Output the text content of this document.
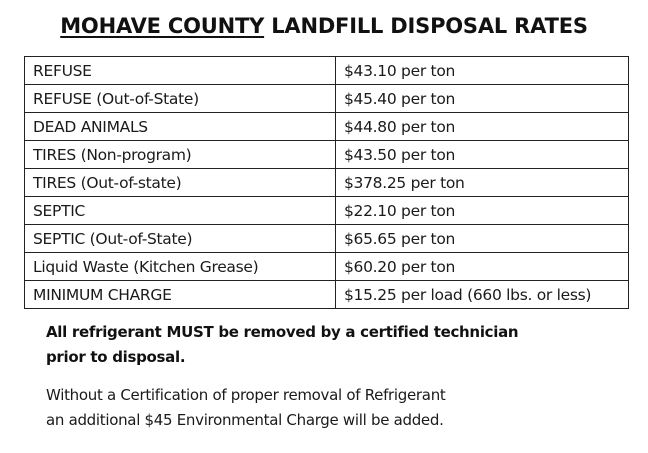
MOHAVE COUNTY LANDFILL DISPOSAL RATES
REFUSE	$43.10 per ton
REFUSE (Out-of-State)	$45.40 per ton
DEAD ANIMALS	$44.80 per ton
TIRES (Non-program)	$43.50 per ton
TIRES (Out-of-state)	$378.25 per ton
SEPTIC	$22.10 per ton
SEPTIC (Out-of-State)	$65.65 per ton
Liquid Waste (Kitchen Grease)	$60.20 per ton
MINIMUM CHARGE	$15.25 per load (660 lbs. or less)
All refrigerant MUST be removed by a certified technician
prior to disposal.
Without a Certification of proper removal of Refrigerant
an additional $45 Environmental Charge will be added.
